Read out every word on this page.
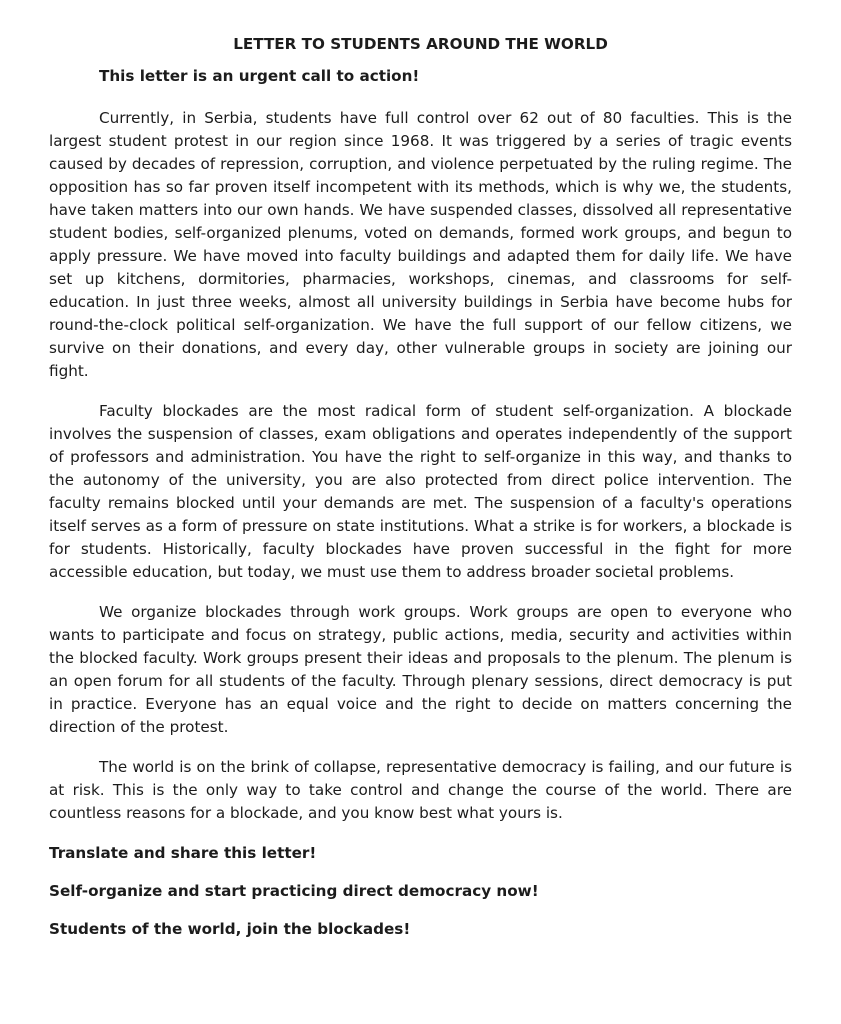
LETTER TO STUDENTS AROUND THE WORLD
This letter is an urgent call to action!
Currently, in Serbia, students have full control over 62 out of 80 faculties. This is the largest student protest in our region since 1968. It was triggered by a series of tragic events caused by decades of repression, corruption, and violence perpetuated by the ruling regime. The opposition has so far proven itself incompetent with its methods, which is why we, the students, have taken matters into our own hands. We have suspended classes, dissolved all representative student bodies, self-organized plenums, voted on demands, formed work groups, and begun to apply pressure. We have moved into faculty buildings and adapted them for daily life. We have set up kitchens, dormitories, pharmacies, workshops, cinemas, and classrooms for self-education. In just three weeks, almost all university buildings in Serbia have become hubs for round-the-clock political self-organization. We have the full support of our fellow citizens, we survive on their donations, and every day, other vulnerable groups in society are joining our fight.
Faculty blockades are the most radical form of student self-organization. A blockade involves the suspension of classes, exam obligations and operates independently of the support of professors and administration. You have the right to self-organize in this way, and thanks to the autonomy of the university, you are also protected from direct police intervention. The faculty remains blocked until your demands are met. The suspension of a faculty's operations itself serves as a form of pressure on state institutions. What a strike is for workers, a blockade is for students. Historically, faculty blockades have proven successful in the fight for more accessible education, but today, we must use them to address broader societal problems.
We organize blockades through work groups. Work groups are open to everyone who wants to participate and focus on strategy, public actions, media, security and activities within the blocked faculty. Work groups present their ideas and proposals to the plenum. The plenum is an open forum for all students of the faculty. Through plenary sessions, direct democracy is put in practice. Everyone has an equal voice and the right to decide on matters concerning the direction of the protest.
The world is on the brink of collapse, representative democracy is failing, and our future is at risk. This is the only way to take control and change the course of the world. There are countless reasons for a blockade, and you know best what yours is.
Translate and share this letter!
Self-organize and start practicing direct democracy now!
Students of the world, join the blockades!
